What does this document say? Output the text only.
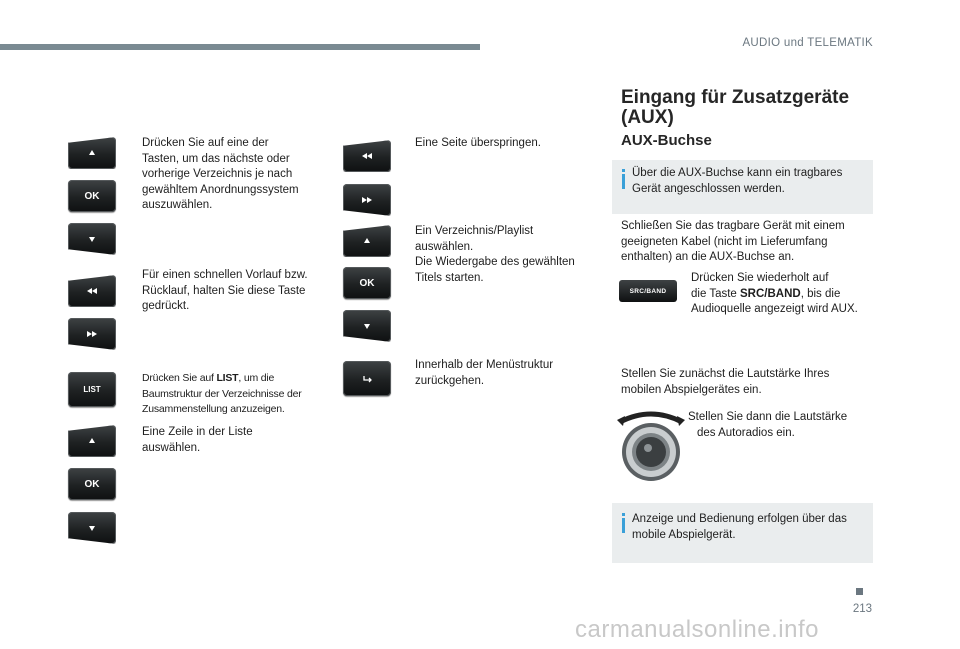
AUDIO und TELEMATIK
OK
Drücken Sie auf eine der
Tasten, um das nächste oder
vorherige Verzeichnis je nach
gewähltem Anordnungssystem
auszuwählen.
Für einen schnellen Vorlauf bzw.
Rücklauf, halten Sie diese Taste
gedrückt.
LIST
Drücken Sie auf LIST, um die
Baumstruktur der Verzeichnisse der
Zusammenstellung anzuzeigen.
OK
Eine Zeile in der Liste
auswählen.
Eine Seite überspringen.
OK
Ein Verzeichnis/Playlist
auswählen.
Die Wiedergabe des gewählten
Titels starten.
Innerhalb der Menüstruktur
zurückgehen.
Eingang für Zusatzgeräte
(AUX)
AUX-Buchse
Über die AUX-Buchse kann ein tragbares
Gerät angeschlossen werden.
Schließen Sie das tragbare Gerät mit einem
geeigneten Kabel (nicht im Lieferumfang
enthalten) an die AUX-Buchse an.
SRC/BAND
Drücken Sie wiederholt auf
die Taste SRC/BAND, bis die
Audioquelle angezeigt wird AUX.
Stellen Sie zunächst die Lautstärke Ihres
mobilen Abspielgerätes ein.
Stellen Sie dann die Lautstärke
des Autoradios ein.
Anzeige und Bedienung erfolgen über das
mobile Abspielgerät.
213
carmanualsonline.info
